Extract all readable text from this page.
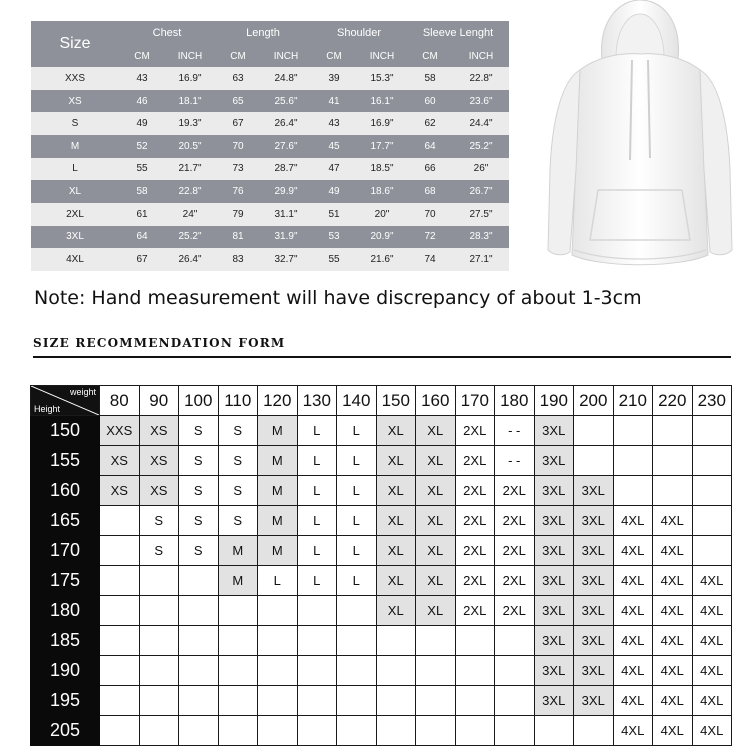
Size	Chest		Length		Shoulder		Sleeve Lenght	
	CM	INCH	CM	INCH	CM	INCH	CM	INCH
XXS	43	16.9"	63	24.8"	39	15.3"	58	22.8"
XS	46	18.1"	65	25.6"	41	16.1"	60	23.6"
S	49	19.3"	67	26.4"	43	16.9"	62	24.4"
M	52	20.5"	70	27.6"	45	17.7"	64	25.2"
L	55	21.7"	73	28.7"	47	18.5"	66	26"
XL	58	22.8"	76	29.9"	49	18.6"	68	26.7"
2XL	61	24"	79	31.1"	51	20"	70	27.5"
3XL	64	25.2"	81	31.9"	53	20.9"	72	28.3"
4XL	67	26.4"	83	32.7"	55	21.6"	74	27.1"
Note: Hand measurement will have discrepancy of about 1-3cm
SIZE RECOMMENDATION FORM
weight
Height	80	90	100	110	120	130	140	150	160	170	180	190	200	210	220	230
150	XXS	XS	S	S	M	L	L	XL	XL	2XL	- -	3XL				
155	XS	XS	S	S	M	L	L	XL	XL	2XL	- -	3XL				
160	XS	XS	S	S	M	L	L	XL	XL	2XL	2XL	3XL	3XL			
165		S	S	S	M	L	L	XL	XL	2XL	2XL	3XL	3XL	4XL	4XL	
170		S	S	M	M	L	L	XL	XL	2XL	2XL	3XL	3XL	4XL	4XL	
175				M	L	L	L	XL	XL	2XL	2XL	3XL	3XL	4XL	4XL	4XL
180								XL	XL	2XL	2XL	3XL	3XL	4XL	4XL	4XL
185												3XL	3XL	4XL	4XL	4XL
190												3XL	3XL	4XL	4XL	4XL
195												3XL	3XL	4XL	4XL	4XL
205														4XL	4XL	4XL
